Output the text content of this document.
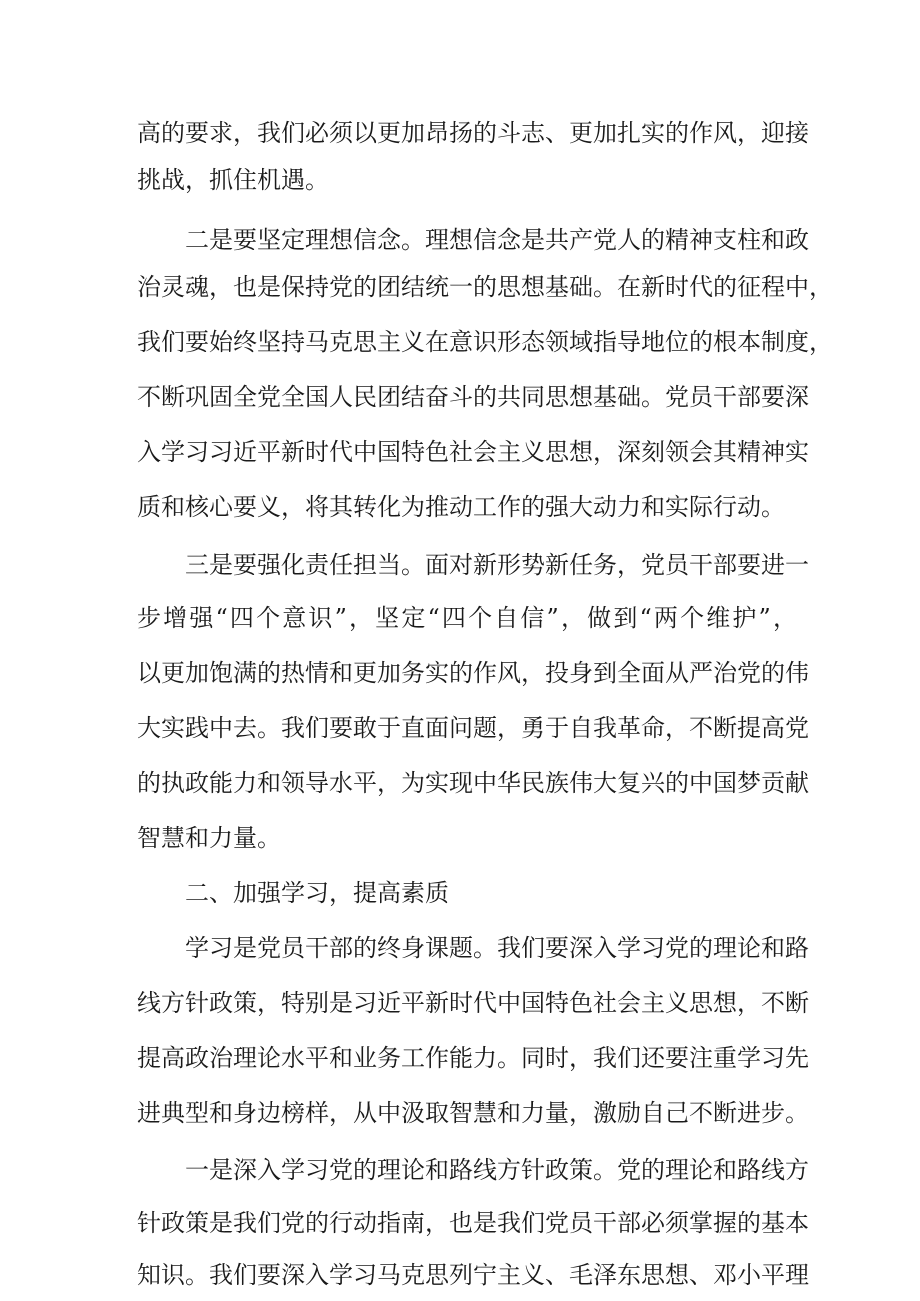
高的要求，我们必须以更加昂扬的斗志、更加扎实的作风，迎接
挑战，抓住机遇。
二是要坚定理想信念。理想信念是共产党人的精神支柱和政
治灵魂，也是保持党的团结统一的思想基础。在新时代的征程中，
我们要始终坚持马克思主义在意识形态领域指导地位的根本制度，
不断巩固全党全国人民团结奋斗的共同思想基础。党员干部要深
入学习习近平新时代中国特色社会主义思想，深刻领会其精神实
质和核心要义，将其转化为推动工作的强大动力和实际行动。
三是要强化责任担当。面对新形势新任务，党员干部要进一
步增强“四个意识”，坚定“四个自信”，做到“两个维护”，
以更加饱满的热情和更加务实的作风，投身到全面从严治党的伟
大实践中去。我们要敢于直面问题，勇于自我革命，不断提高党
的执政能力和领导水平，为实现中华民族伟大复兴的中国梦贡献
智慧和力量。
二、加强学习，提高素质
学习是党员干部的终身课题。我们要深入学习党的理论和路
线方针政策，特别是习近平新时代中国特色社会主义思想，不断
提高政治理论水平和业务工作能力。同时，我们还要注重学习先
进典型和身边榜样，从中汲取智慧和力量，激励自己不断进步。
一是深入学习党的理论和路线方针政策。党的理论和路线方
针政策是我们党的行动指南，也是我们党员干部必须掌握的基本
知识。我们要深入学习马克思列宁主义、毛泽东思想、邓小平理
